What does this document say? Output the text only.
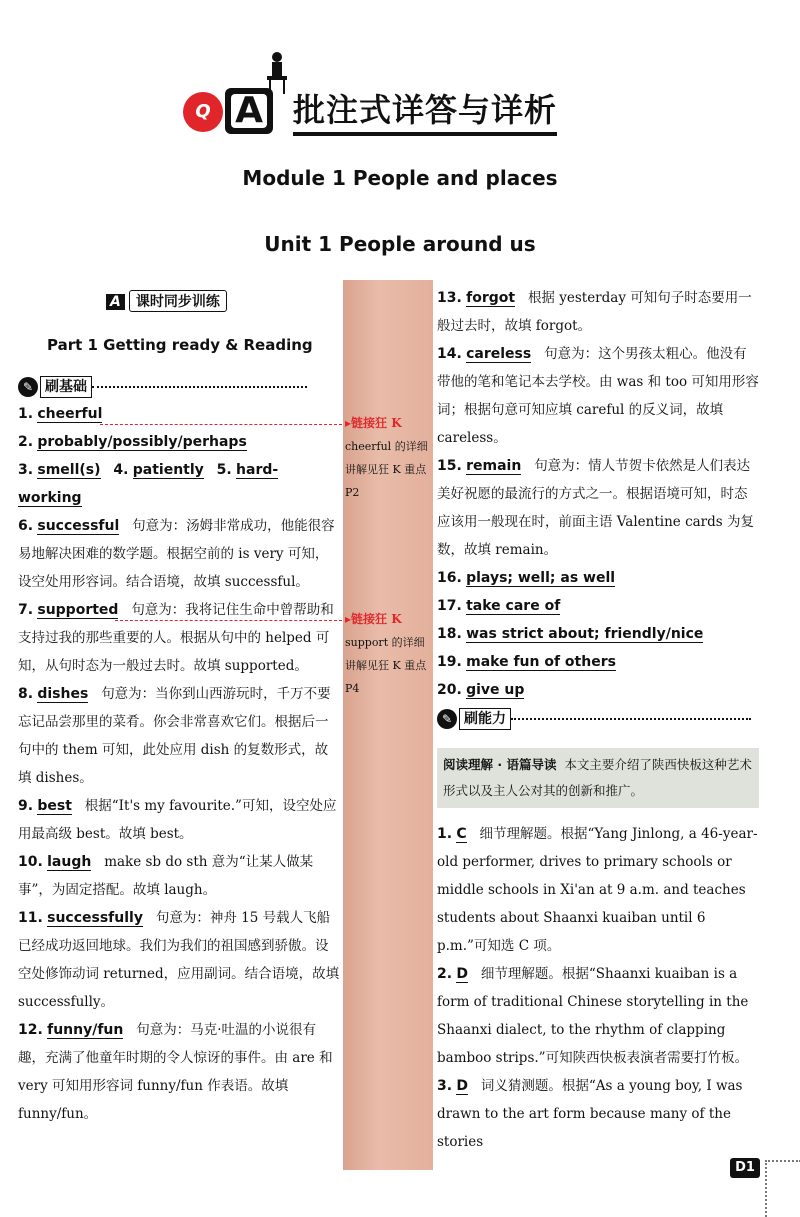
Q A 批注式详答与详析
Module 1 People and places
Unit 1 People around us
A 课时同步训练
Part 1 Getting ready & Reading

✎ 刷基础

1. cheerful

2. probably/possibly/perhaps

3. smell(s) 4. patiently 5. hard-working

6. successful 句意为：汤姆非常成功，他能很容易地解决困难的数学题。根据空前的 is very 可知，设空处用形容词。结合语境，故填 successful。

7. supported 句意为：我将记住生命中曾帮助和支持过我的那些重要的人。根据从句中的 helped 可知，从句时态为一般过去时。故填 supported。

8. dishes 句意为：当你到山西游玩时，千万不要忘记品尝那里的菜肴。你会非常喜欢它们。根据后一句中的 them 可知，此处应用 dish 的复数形式，故填 dishes。

9. best 根据“It's my favourite.”可知，设空处应用最高级 best。故填 best。

10. laugh make sb do sth 意为“让某人做某事”，为固定搭配。故填 laugh。

11. successfully 句意为：神舟 15 号载人飞船已经成功返回地球。我们为我们的祖国感到骄傲。设空处修饰动词 returned，应用副词。结合语境，故填 successfully。

12. funny/fun 句意为：马克·吐温的小说很有趣，充满了他童年时期的令人惊讶的事件。由 are 和 very 可知用形容词 funny/fun 作表语。故填 funny/fun。

▸链接狂 K
cheerful 的详细讲解见狂 K 重点 P2
▸链接狂 K
support 的详细讲解见狂 K 重点 P4

13. forgot 根据 yesterday 可知句子时态要用一般过去时，故填 forgot。

14. careless 句意为：这个男孩太粗心。他没有带他的笔和笔记本去学校。由 was 和 too 可知用形容词；根据句意可知应填 careful 的反义词，故填 careless。

15. remain 句意为：情人节贺卡依然是人们表达美好祝愿的最流行的方式之一。根据语境可知，时态应该用一般现在时，前面主语 Valentine cards 为复数，故填 remain。

16. plays; well; as well

17. take care of

18. was strict about; friendly/nice

19. make fun of others

20. give up

✎ 刷能力

阅读理解 · 语篇导读 本文主要介绍了陕西快板这种艺术形式以及主人公对其的创新和推广。

1. C 细节理解题。根据“Yang Jinlong, a 46-year-old performer, drives to primary schools or middle schools in Xi'an at 9 a.m. and teaches students about Shaanxi kuaiban until 6 p.m.”可知选 C 项。

2. D 细节理解题。根据“Shaanxi kuaiban is a form of traditional Chinese storytelling in the Shaanxi dialect, to the rhythm of clapping bamboo strips.”可知陕西快板表演者需要打竹板。

3. D 词义猜测题。根据“As a young boy, I was drawn to the art form because many of the stories

D1
